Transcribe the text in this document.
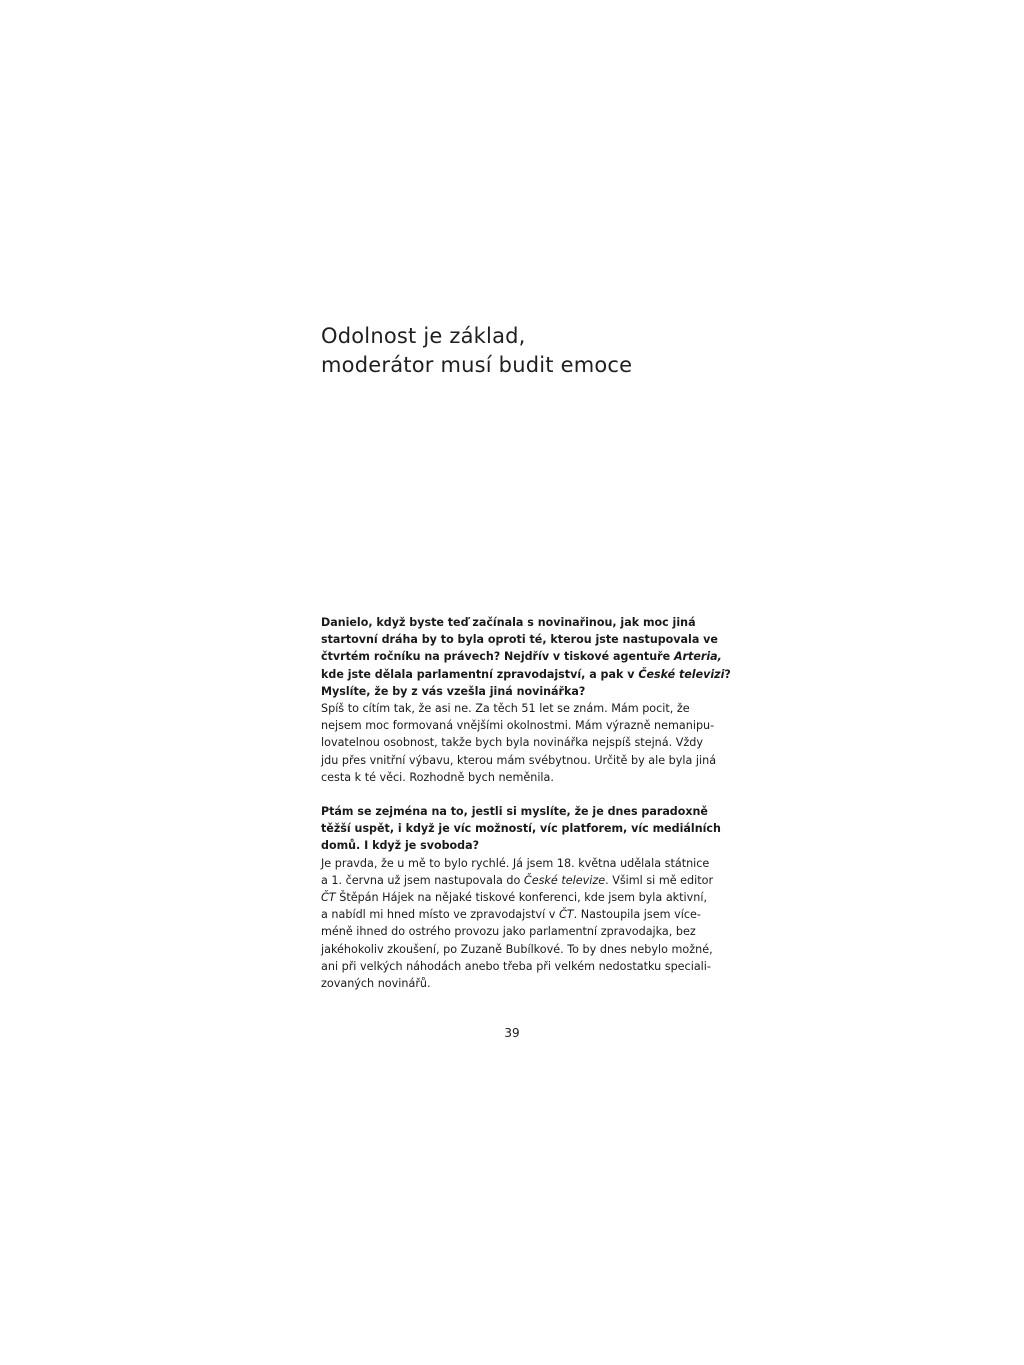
Odolnost je základ,
moderátor musí budit emoce
Danielo, když byste teď začínala s novinařinou, jak moc jiná
startovní dráha by to byla oproti té, kterou jste nastupovala ve
čtvrtém ročníku na právech? Nejdřív v tiskové agentuře Arteria,
kde jste dělala parlamentní zpravodajství, a pak v České televizi?
Myslíte, že by z vás vzešla jiná novinářka?
Spíš to cítím tak, že asi ne. Za těch 51 let se znám. Mám pocit, že
nejsem moc formovaná vnějšími okolnostmi. Mám výrazně nemanipu-
lovatelnou osobnost, takže bych byla novinářka nejspíš stejná. Vždy
jdu přes vnitřní výbavu, kterou mám svébytnou. Určitě by ale byla jiná
cesta k té věci. Rozhodně bych neměnila.
Ptám se zejména na to, jestli si myslíte, že je dnes paradoxně
těžší uspět, i když je víc možností, víc platforem, víc mediálních
domů. I když je svoboda?
Je pravda, že u mě to bylo rychlé. Já jsem 18. května udělala státnice
a 1. června už jsem nastupovala do České televize. Všiml si mě editor
ČT Štěpán Hájek na nějaké tiskové konferenci, kde jsem byla aktivní,
a nabídl mi hned místo ve zpravodajství v ČT. Nastoupila jsem více-
méně ihned do ostrého provozu jako parlamentní zpravodajka, bez
jakéhokoliv zkoušení, po Zuzaně Bubílkové. To by dnes nebylo možné,
ani při velkých náhodách anebo třeba při velkém nedostatku speciali-
zovaných novinářů.
39
